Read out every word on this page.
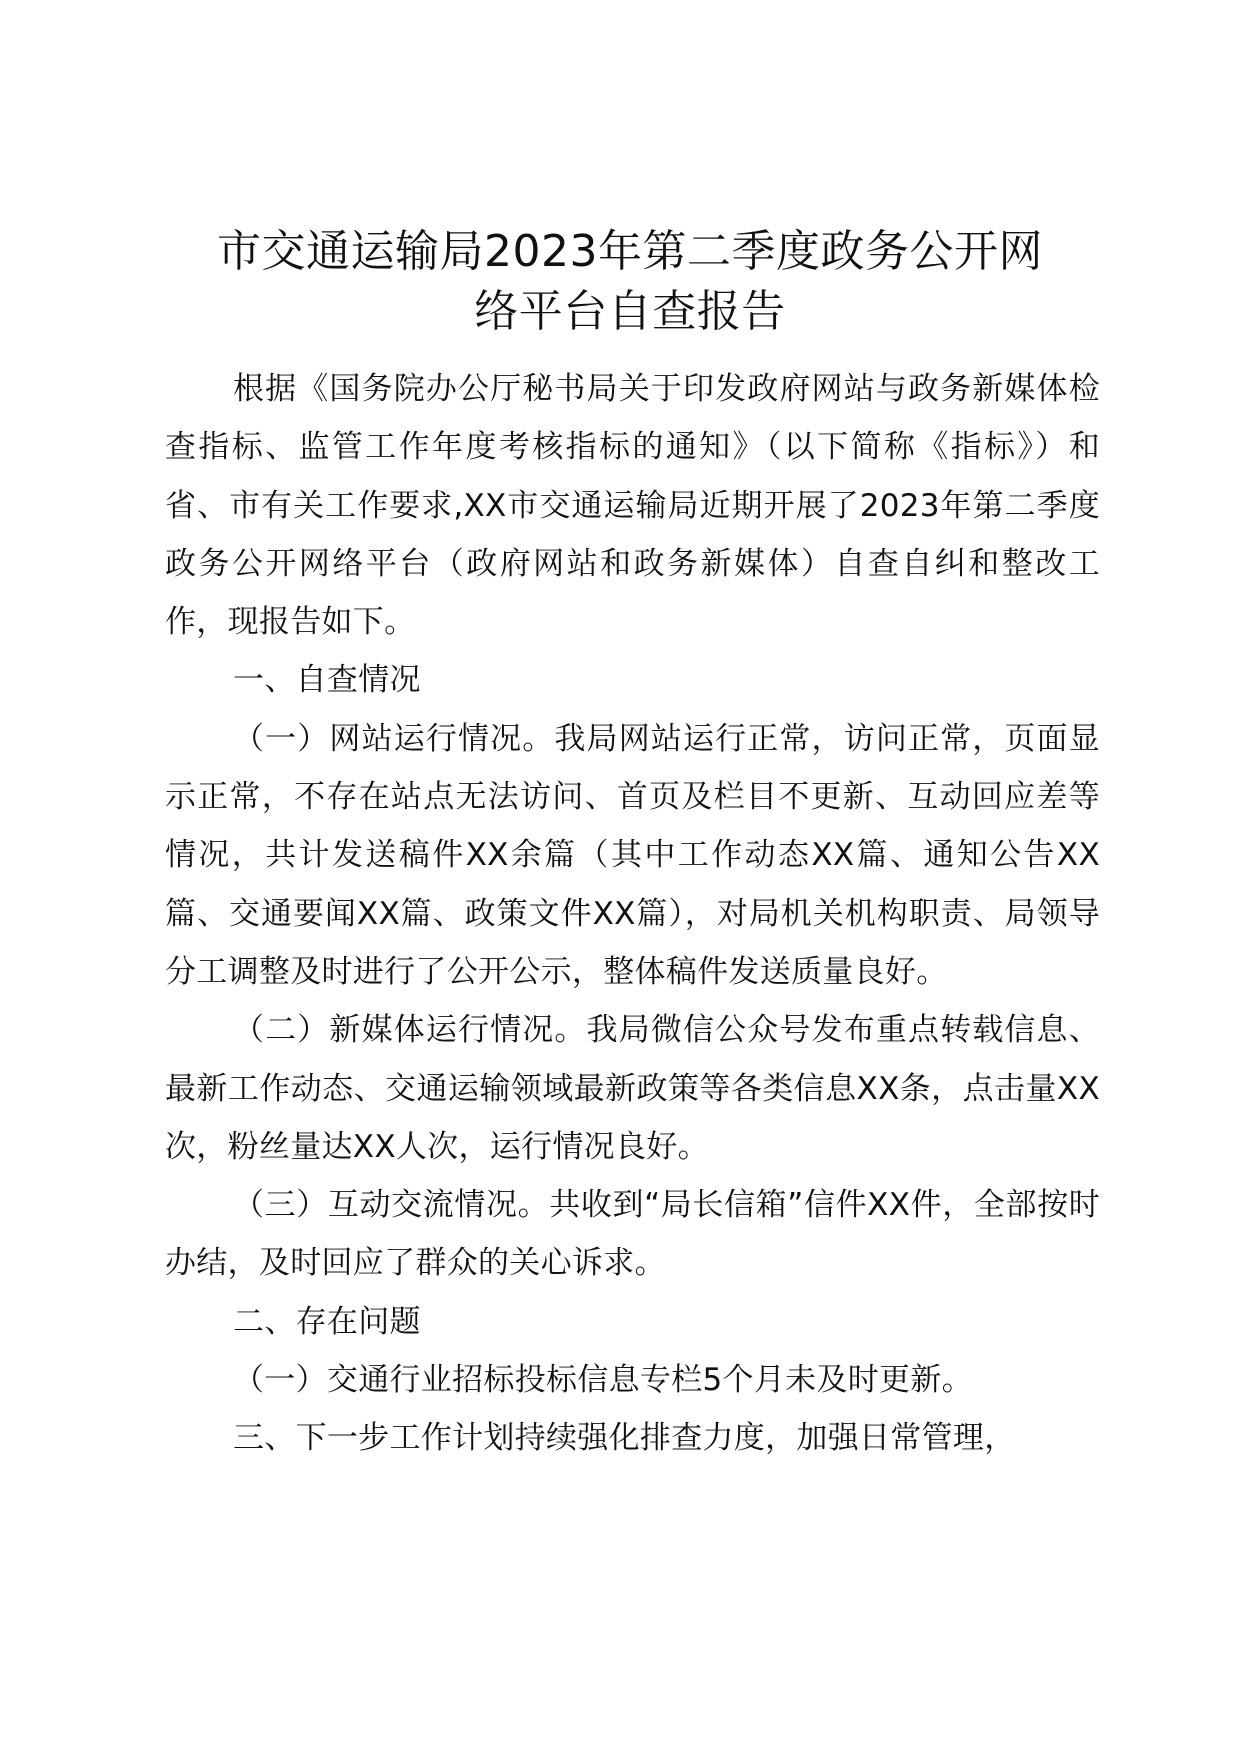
市交通运输局2023年第二季度政务公开网
络平台自查报告

根据《国务院办公厅秘书局关于印发政府网站与政务新媒体检查指标、监管工作年度考核指标的通知》（以下简称《指标》）和省、市有关工作要求,XX市交通运输局近期开展了2023年第二季度政务公开网络平台（政府网站和政务新媒体）自查自纠和整改工作，现报告如下。

一、自查情况

（一）网站运行情况。我局网站运行正常，访问正常，页面显示正常，不存在站点无法访问、首页及栏目不更新、互动回应差等情况，共计发送稿件XX余篇（其中工作动态XX篇、通知公告XX篇、交通要闻XX篇、政策文件XX篇），对局机关机构职责、局领导分工调整及时进行了公开公示，整体稿件发送质量良好。

（二）新媒体运行情况。我局微信公众号发布重点转载信息、最新工作动态、交通运输领域最新政策等各类信息XX条，点击量XX次，粉丝量达XX人次，运行情况良好。

（三）互动交流情况。共收到“局长信箱”信件XX件，全部按时办结，及时回应了群众的关心诉求。

二、存在问题

（一）交通行业招标投标信息专栏5个月未及时更新。

三、下一步工作计划持续强化排查力度，加强日常管理，
